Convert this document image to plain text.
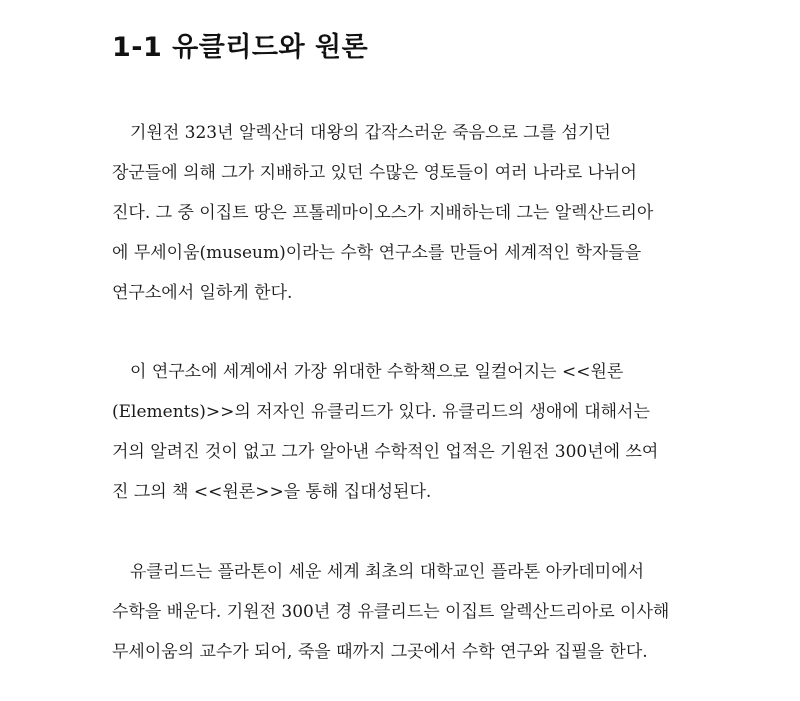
1-1 유클리드와 원론
기원전 323년 알렉산더 대왕의 갑작스러운 죽음으로 그를 섬기던
장군들에 의해 그가 지배하고 있던 수많은 영토들이 여러 나라로 나뉘어
진다. 그 중 이집트 땅은 프톨레마이오스가 지배하는데 그는 알렉산드리아
에 무세이움(museum)이라는 수학 연구소를 만들어 세계적인 학자들을
연구소에서 일하게 한다.
이 연구소에 세계에서 가장 위대한 수학책으로 일컬어지는 <<원론
(Elements)>>의 저자인 유클리드가 있다. 유클리드의 생애에 대해서는
거의 알려진 것이 없고 그가 알아낸 수학적인 업적은 기원전 300년에 쓰여
진 그의 책 <<원론>>을 통해 집대성된다.
유클리드는 플라톤이 세운 세계 최초의 대학교인 플라톤 아카데미에서
수학을 배운다. 기원전 300년 경 유클리드는 이집트 알렉산드리아로 이사해
무세이움의 교수가 되어, 죽을 때까지 그곳에서 수학 연구와 집필을 한다.
